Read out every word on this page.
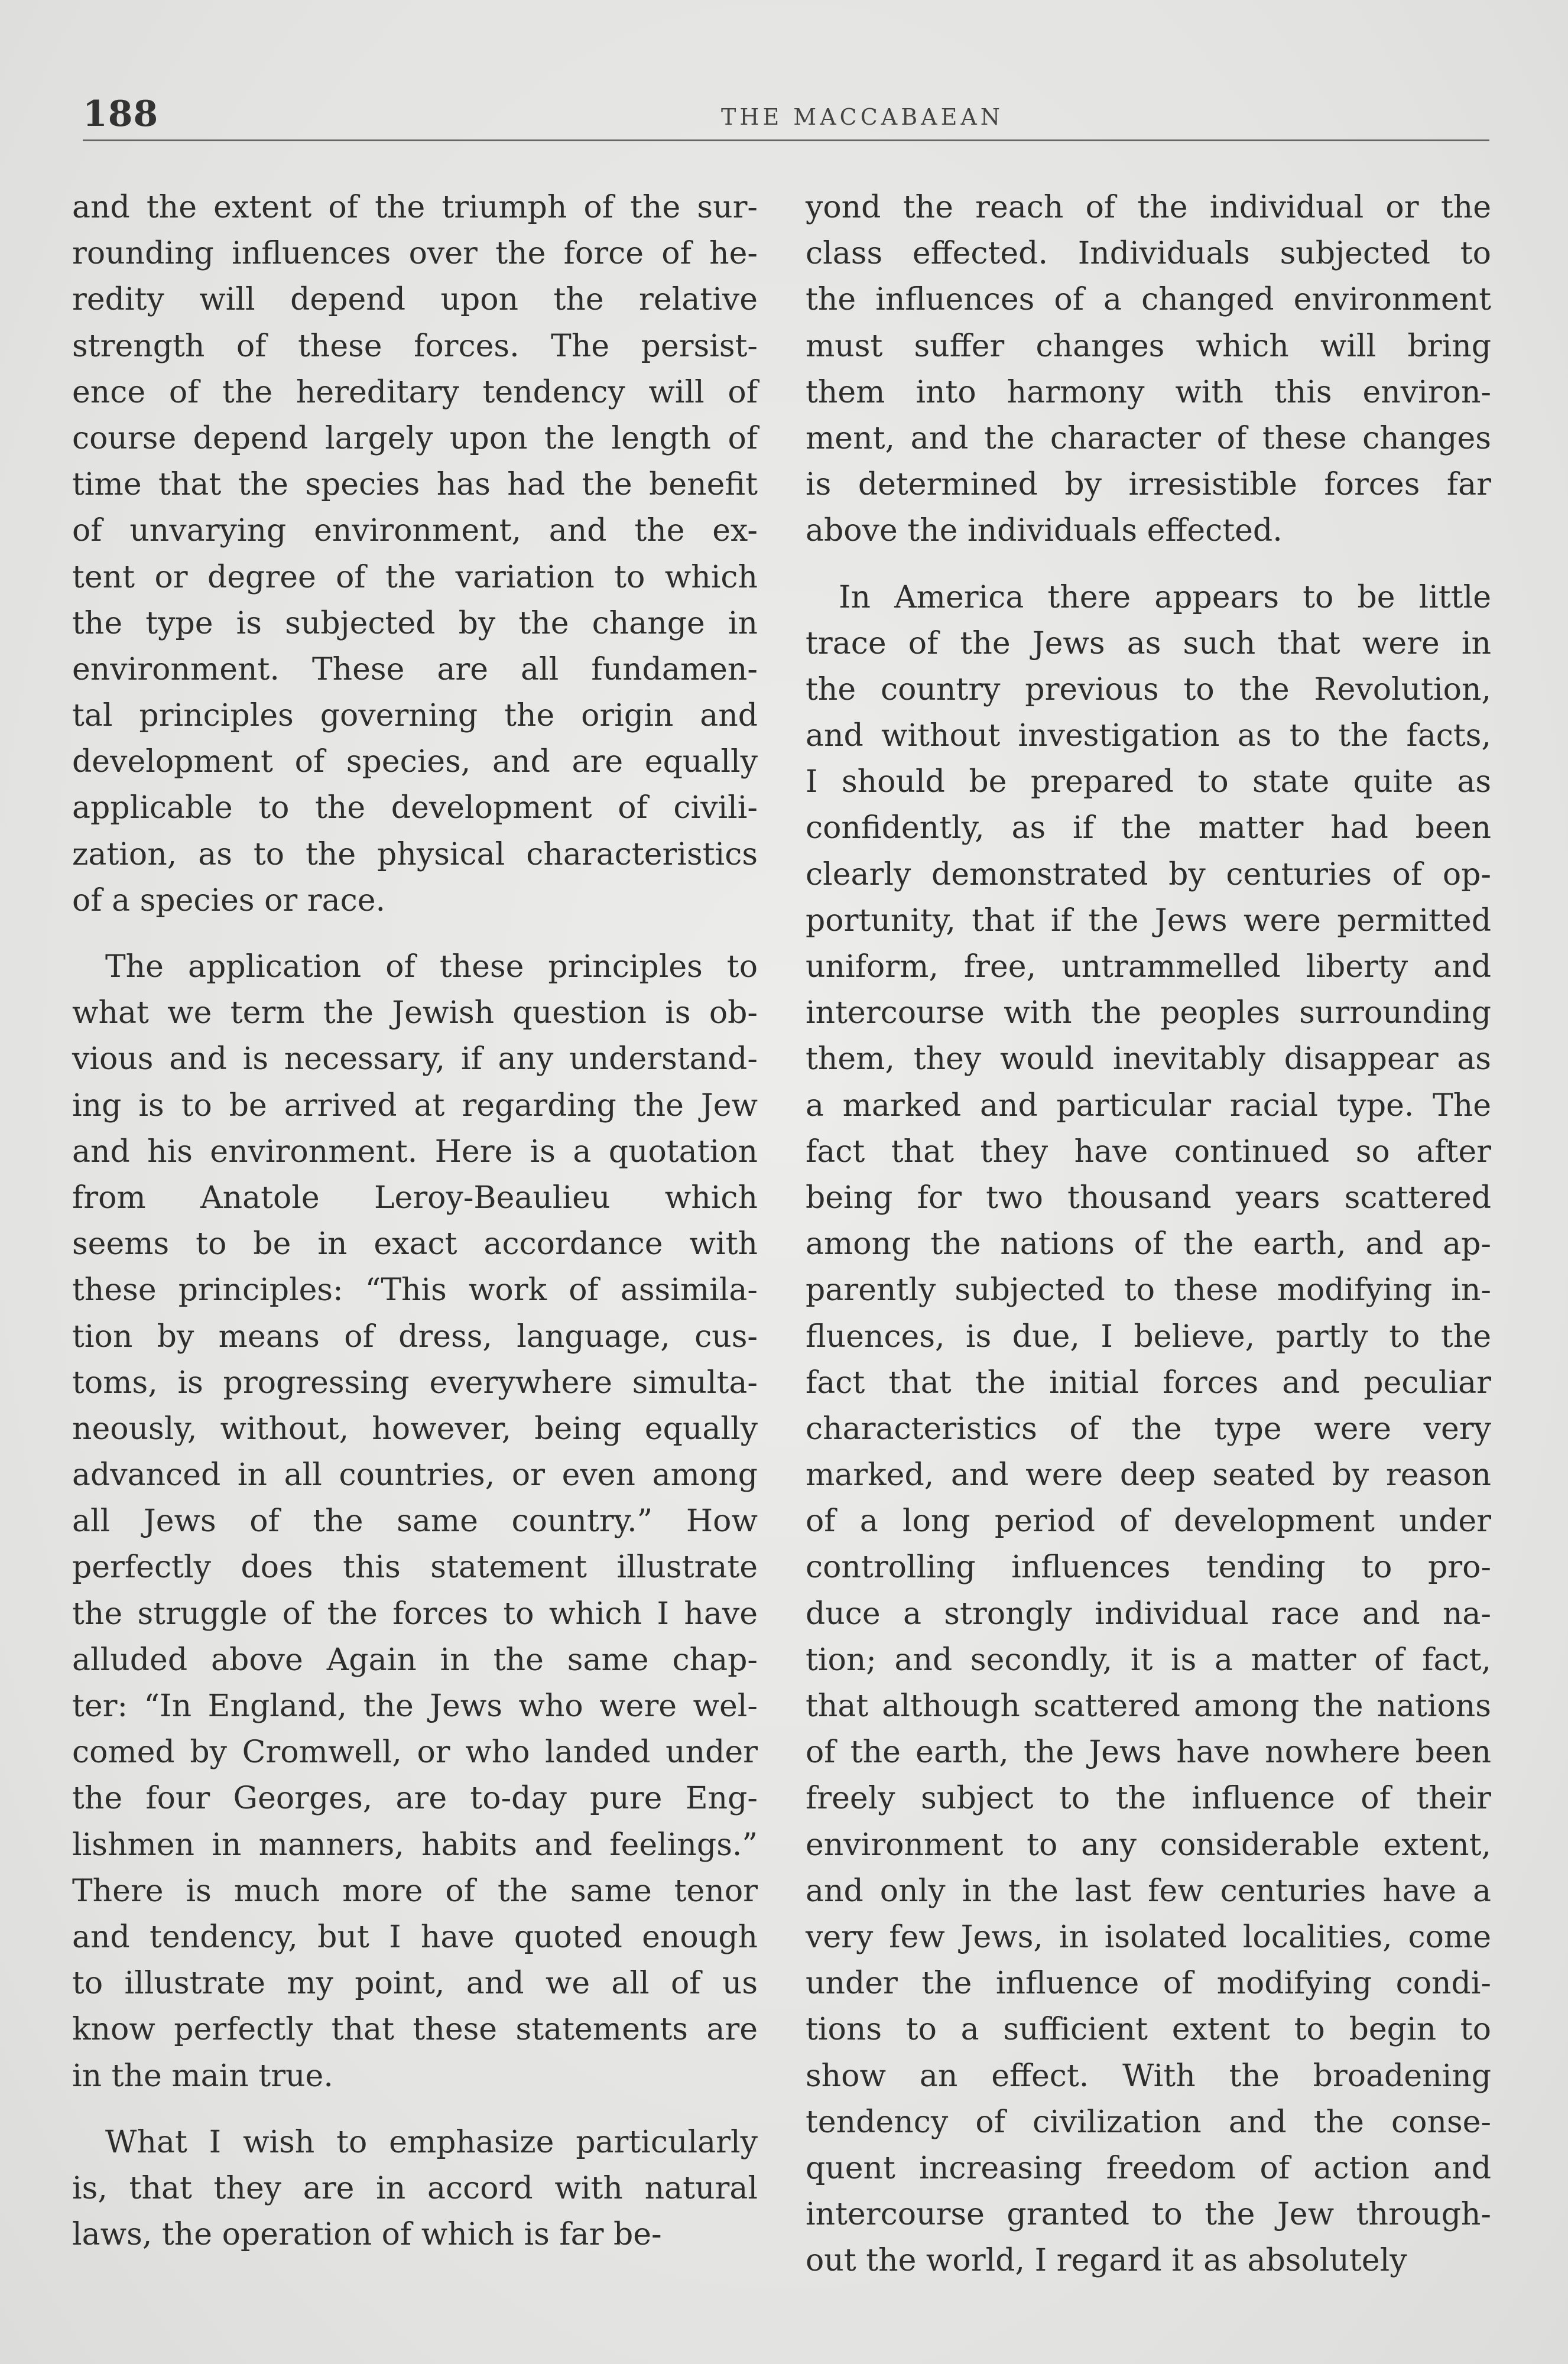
188	THE MACCABAEAN
and the extent of the triumph of the sur-
rounding influences over the force of he-
redity will depend upon the relative
strength of these forces. The persist-
ence of the hereditary tendency will of
course depend largely upon the length of
time that the species has had the benefit
of unvarying environment, and the ex-
tent or degree of the variation to which
the type is subjected by the change in
environment. These are all fundamen-
tal principles governing the origin and
development of species, and are equally
applicable to the development of civili-
zation, as to the physical characteristics
of a species or race.
The application of these principles to
what we term the Jewish question is ob-
vious and is necessary, if any understand-
ing is to be arrived at regarding the Jew
and his environment. Here is a quotation
from Anatole Leroy-Beaulieu which
seems to be in exact accordance with
these principles: “This work of assimila-
tion by means of dress, language, cus-
toms, is progressing everywhere simulta-
neously, without, however, being equally
advanced in all countries, or even among
all Jews of the same country.” How
perfectly does this statement illustrate
the struggle of the forces to which I have
alluded above Again in the same chap-
ter: “In England, the Jews who were wel-
comed by Cromwell, or who landed under
the four Georges, are to-day pure Eng-
lishmen in manners, habits and feelings.”
There is much more of the same tenor
and tendency, but I have quoted enough
to illustrate my point, and we all of us
know perfectly that these statements are
in the main true.
What I wish to emphasize particularly
is, that they are in accord with natural
laws, the operation of which is far be-
yond the reach of the individual or the
class effected. Individuals subjected to
the influences of a changed environment
must suffer changes which will bring
them into harmony with this environ-
ment, and the character of these changes
is determined by irresistible forces far
above the individuals effected.
In America there appears to be little
trace of the Jews as such that were in
the country previous to the Revolution,
and without investigation as to the facts,
I should be prepared to state quite as
confidently, as if the matter had been
clearly demonstrated by centuries of op-
portunity, that if the Jews were permitted
uniform, free, untrammelled liberty and
intercourse with the peoples surrounding
them, they would inevitably disappear as
a marked and particular racial type. The
fact that they have continued so after
being for two thousand years scattered
among the nations of the earth, and ap-
parently subjected to these modifying in-
fluences, is due, I believe, partly to the
fact that the initial forces and peculiar
characteristics of the type were very
marked, and were deep seated by reason
of a long period of development under
controlling influences tending to pro-
duce a strongly individual race and na-
tion; and secondly, it is a matter of fact,
that although scattered among the nations
of the earth, the Jews have nowhere been
freely subject to the influence of their
environment to any considerable extent,
and only in the last few centuries have a
very few Jews, in isolated localities, come
under the influence of modifying condi-
tions to a sufficient extent to begin to
show an effect. With the broadening
tendency of civilization and the conse-
quent increasing freedom of action and
intercourse granted to the Jew through-
out the world, I regard it as absolutely
